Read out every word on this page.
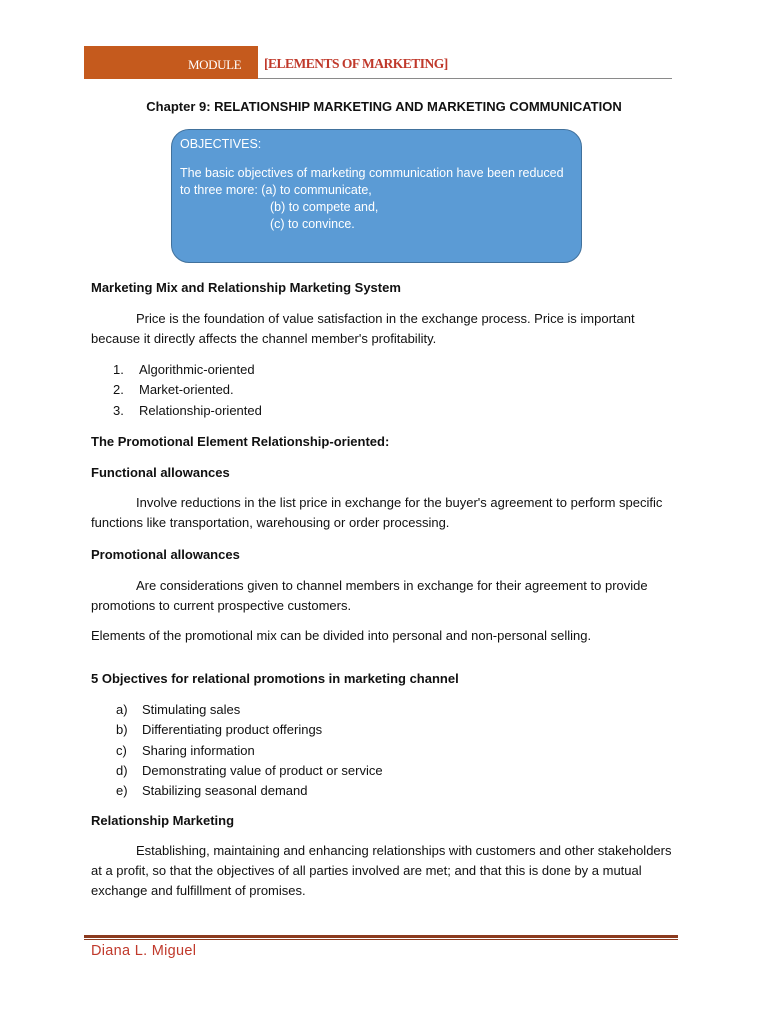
MODULE [ELEMENTS OF MARKETING]
Chapter 9: RELATIONSHIP MARKETING AND MARKETING COMMUNICATION
OBJECTIVES:
The basic objectives of marketing communication have been reduced
to three more: (a) to communicate,
(b) to compete and,
(c) to convince.
Marketing Mix and Relationship Marketing System
Price is the foundation of value satisfaction in the exchange process. Price is important because it directly affects the channel member's profitability.
1.	Algorithmic-oriented
2.	Market-oriented.
3.	Relationship-oriented
The Promotional Element Relationship-oriented:
Functional allowances
Involve reductions in the list price in exchange for the buyer's agreement to perform specific functions like transportation, warehousing or order processing.
Promotional allowances
Are considerations given to channel members in exchange for their agreement to provide promotions to current prospective customers.
Elements of the promotional mix can be divided into personal and non-personal selling.
5 Objectives for relational promotions in marketing channel
a)	Stimulating sales
b)	Differentiating product offerings
c)	Sharing information
d)	Demonstrating value of product or service
e)	Stabilizing seasonal demand
Relationship Marketing
Establishing, maintaining and enhancing relationships with customers and other stakeholders at a profit, so that the objectives of all parties involved are met; and that this is done by a mutual exchange and fulfillment of promises.
Diana L. Miguel
